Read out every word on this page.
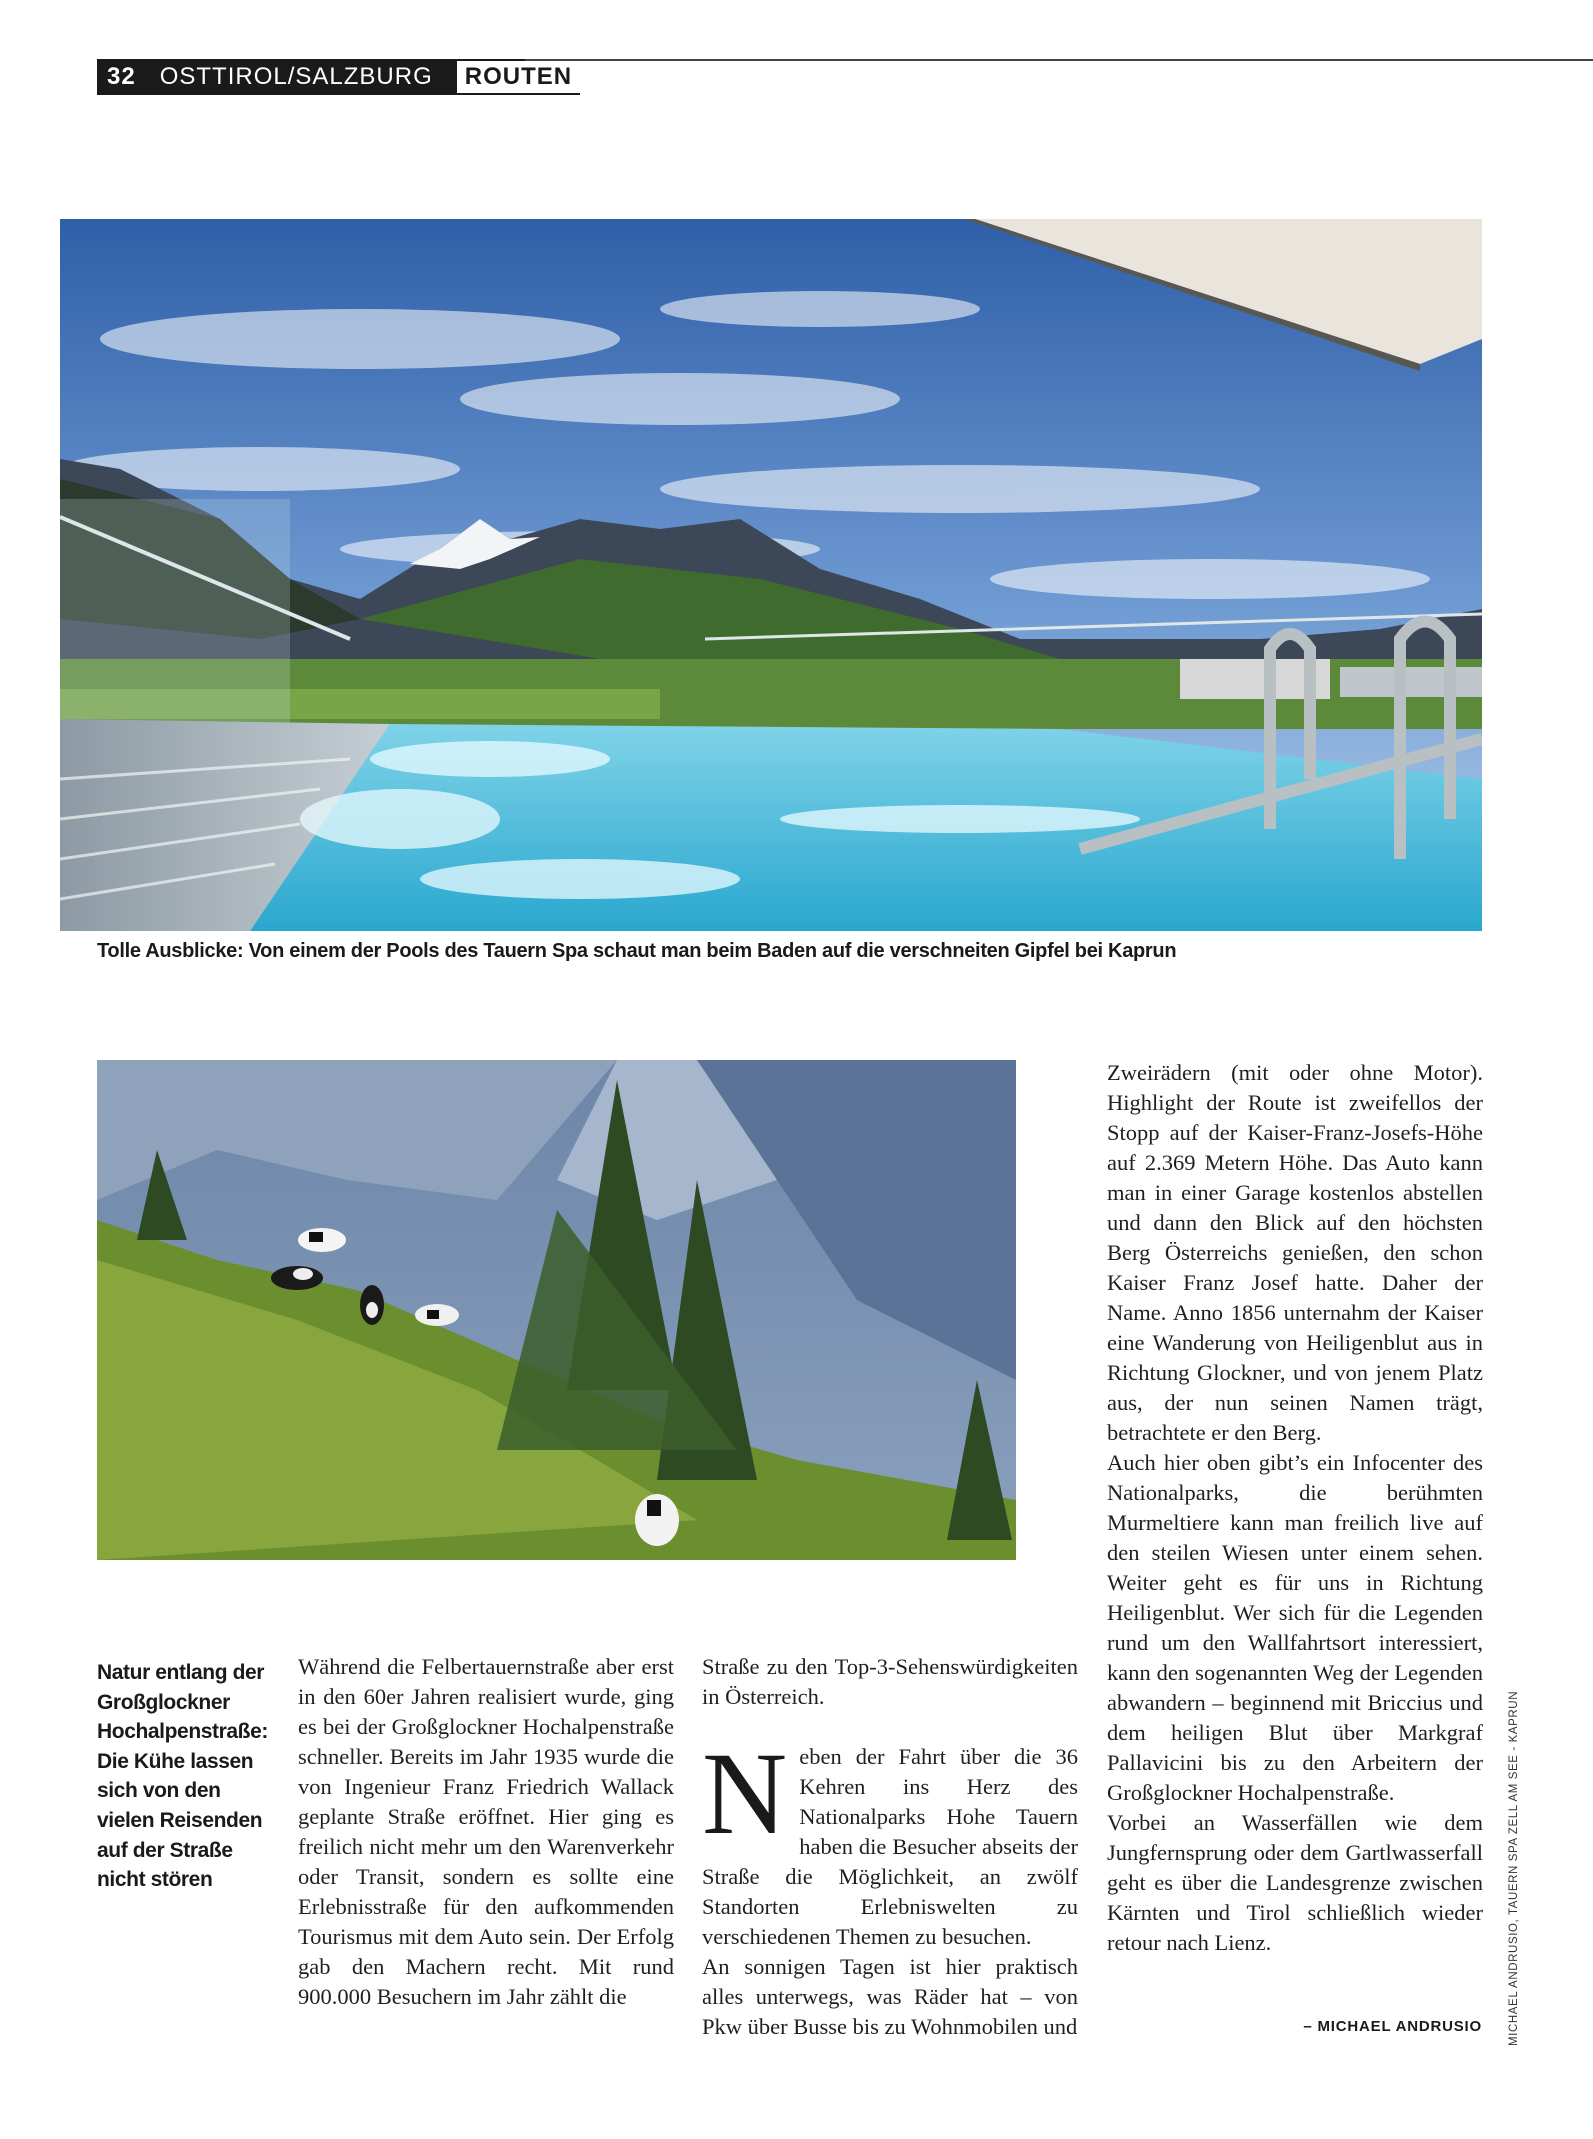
32 OSTTIROL/SALZBURG	ROUTEN
Tolle Ausblicke: Von einem der Pools des Tauern Spa schaut man beim Baden auf die verschneiten Gipfel bei Kaprun
Natur entlang der Großglockner Hochalpenstraße: Die Kühe lassen sich von den vielen Reisenden auf der Straße nicht stören

Während die Felbertauernstraße aber erst in den 60er Jahren realisiert wurde, ging es bei der Großglockner Hochalpenstraße schneller. Bereits im Jahr 1935 wurde die von Ingenieur Franz Friedrich Wallack geplante Straße eröffnet. Hier ging es freilich nicht mehr um den Warenverkehr oder Transit, sondern es sollte eine Erlebnisstraße für den aufkommenden Tourismus mit dem Auto sein. Der Erfolg gab den Machern recht. Mit rund 900.000 Besuchern im Jahr zählt die

Straße zu den Top-3-Sehenswürdigkeiten in Österreich.

Neben der Fahrt über die 36 Kehren ins Herz des Nationalparks Hohe Tauern haben die Besucher abseits der Straße die Möglichkeit, an zwölf Standorten Erlebniswelten zu verschiedenen Themen zu besuchen.

An sonnigen Tagen ist hier praktisch alles unterwegs, was Räder hat – von Pkw über Busse bis zu Wohnmobilen und

Zweirädern (mit oder ohne Motor). Highlight der Route ist zweifellos der Stopp auf der Kaiser-Franz-Josefs-Höhe auf 2.369 Metern Höhe. Das Auto kann man in einer Garage kostenlos abstellen und dann den Blick auf den höchsten Berg Österreichs genießen, den schon Kaiser Franz Josef hatte. Daher der Name. Anno 1856 unternahm der Kaiser eine Wanderung von Heiligenblut aus in Richtung Glockner, und von jenem Platz aus, der nun seinen Namen trägt, betrachtete er den Berg.

Auch hier oben gibt’s ein Infocenter des Nationalparks, die berühmten Murmeltiere kann man freilich live auf den steilen Wiesen unter einem sehen. Weiter geht es für uns in Richtung Heiligenblut. Wer sich für die Legenden rund um den Wallfahrtsort interessiert, kann den sogenannten Weg der Legenden abwandern – beginnend mit Briccius und dem heiligen Blut über Markgraf Pallavicini bis zu den Arbeitern der Großglockner Hochalpenstraße.

Vorbei an Wasserfällen wie dem Jungfernsprung oder dem Gartlwasserfall geht es über die Landesgrenze zwischen Kärnten und Tirol schließlich wieder retour nach Lienz.

– MICHAEL ANDRUSIO MICHAEL ANDRUSIO, TAUERN SPA ZELL AM SEE - KAPRUN
